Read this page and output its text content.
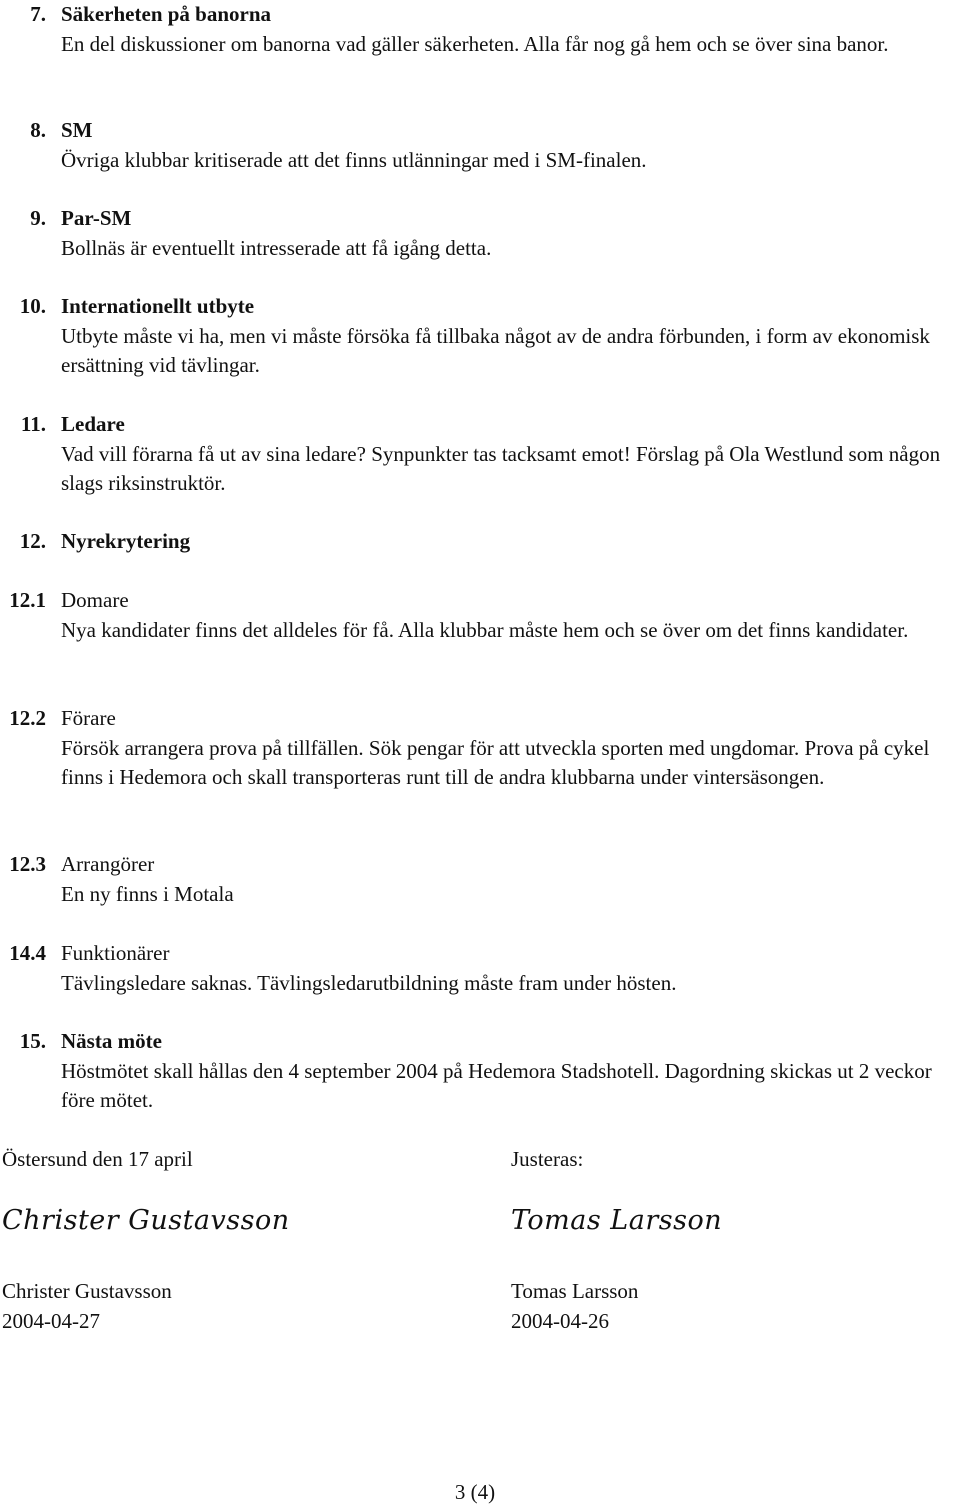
7. Säkerheten på banorna
En del diskussioner om banorna vad gäller säkerheten. Alla får nog gå hem och se över sina banor.
8. SM
Övriga klubbar kritiserade att det finns utlänningar med i SM-finalen.
9. Par-SM
Bollnäs är eventuellt intresserade att få igång detta.
10. Internationellt utbyte
Utbyte måste vi ha, men vi måste försöka få tillbaka något av de andra förbunden, i form av ekonomisk ersättning vid tävlingar.
11. Ledare
Vad vill förarna få ut av sina ledare? Synpunkter tas tacksamt emot! Förslag på Ola Westlund som någon slags riksinstruktör.
12. Nyrekrytering
12.1 Domare
Nya kandidater finns det alldeles för få. Alla klubbar måste hem och se över om det finns kandidater.
12.2 Förare
Försök arrangera prova på tillfällen. Sök pengar för att utveckla sporten med ungdomar. Prova på cykel finns i Hedemora och skall transporteras runt till de andra klubbarna under vintersäsongen.
12.3 Arrangörer
En ny finns i Motala
14.4 Funktionärer
Tävlingsledare saknas. Tävlingsledarutbildning måste fram under hösten.
15. Nästa möte
Höstmötet skall hållas den 4 september 2004 på Hedemora Stadshotell. Dagordning skickas ut 2 veckor före mötet.
Östersund den 17 april	Justeras:
Christer Gustavsson	Tomas Larsson
Christer Gustavsson
2004-04-27
Tomas Larsson
2004-04-26
3 (4)
